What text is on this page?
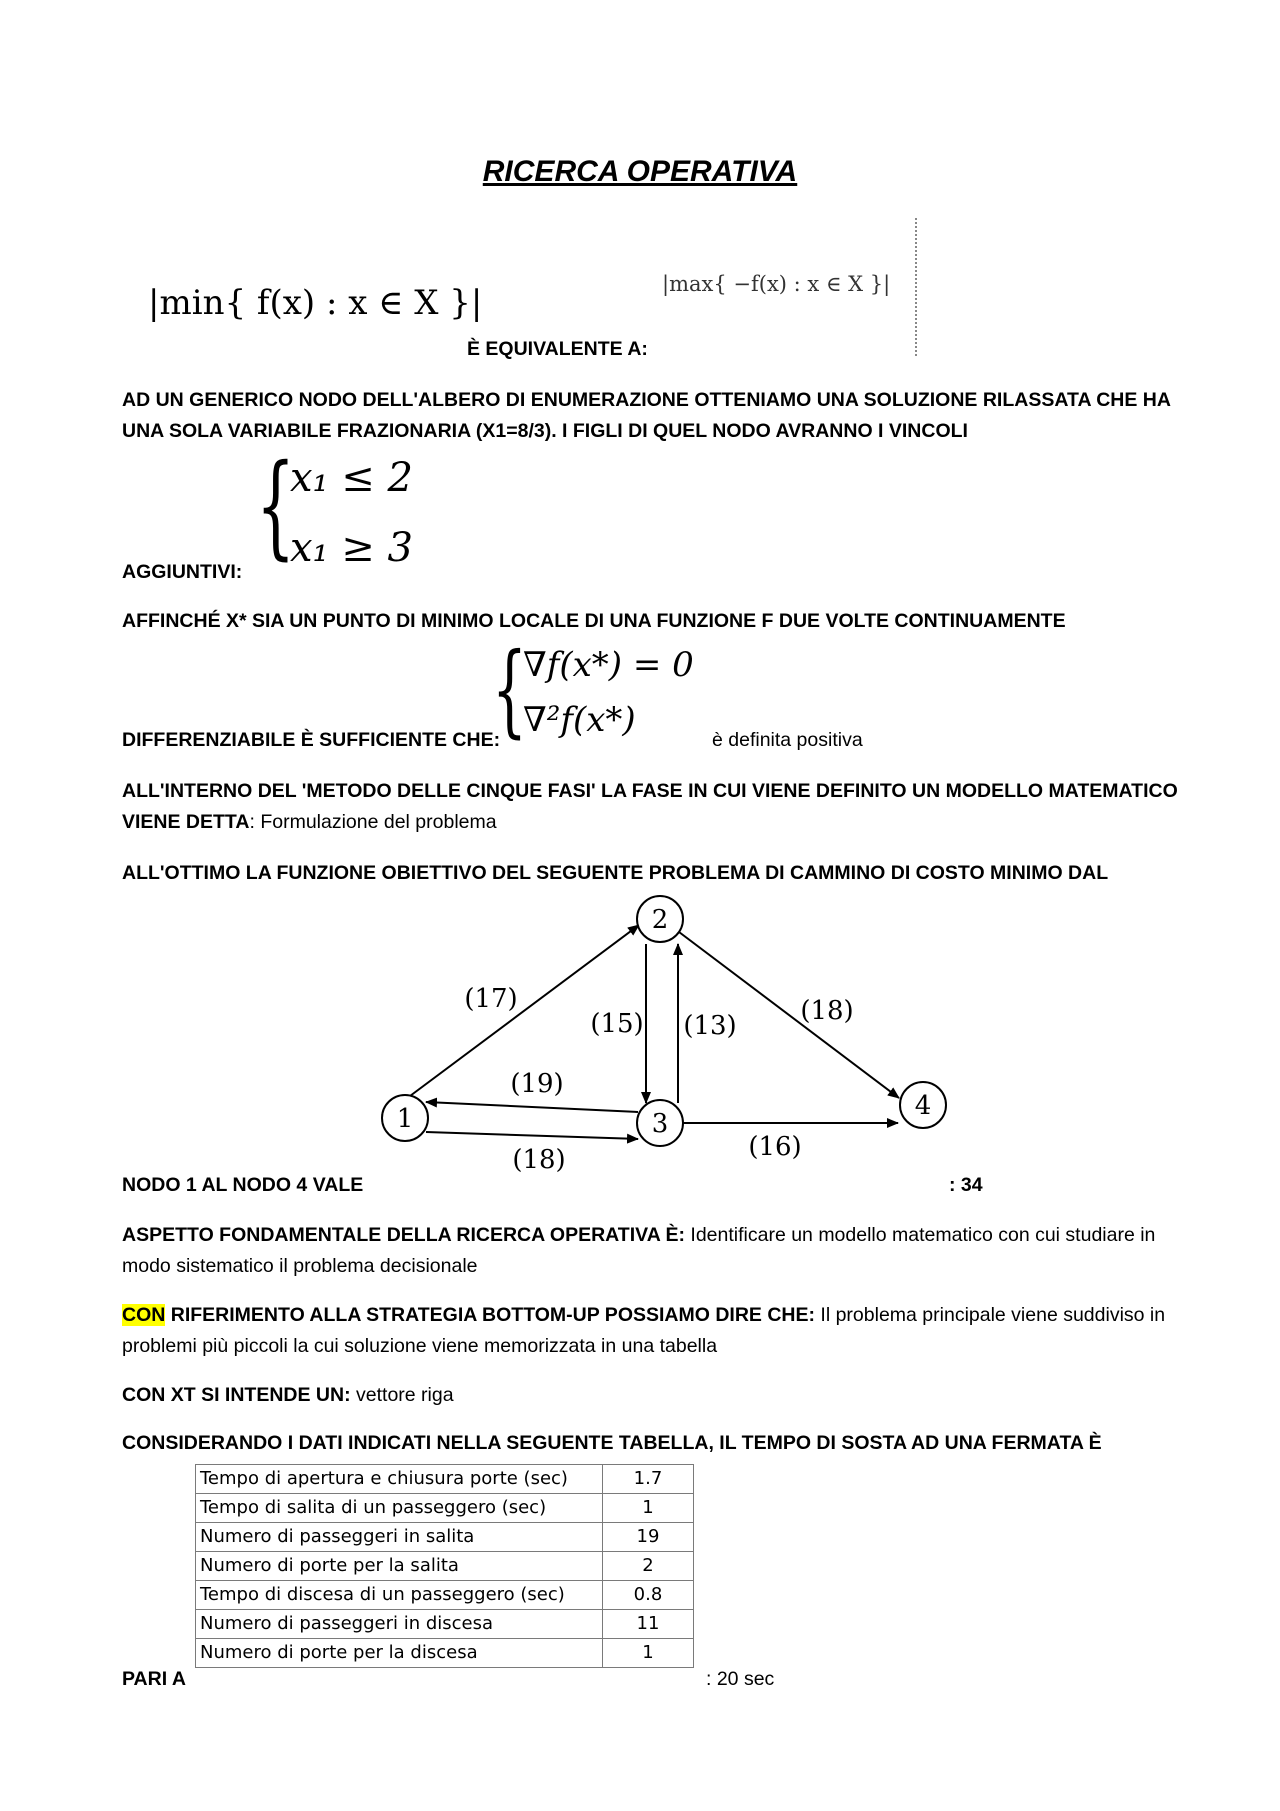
RICERCA OPERATIVA
|min{ f(x) : x ∈ X }|	|max{ −f(x) : x ∈ X }|
È EQUIVALENTE A:
AD UN GENERICO NODO DELL'ALBERO DI ENUMERAZIONE OTTENIAMO UNA SOLUZIONE RILASSATA CHE HA UNA SOLA VARIABILE FRAZIONARIA (X1=8/3). I FIGLI DI QUEL NODO AVRANNO I VINCOLI
AGGIUNTIVI:
{
x₁ ≤ 2
x₁ ≥ 3
AFFINCHÉ X* SIA UN PUNTO DI MINIMO LOCALE DI UNA FUNZIONE F DUE VOLTE CONTINUAMENTE
DIFFERENZIABILE È SUFFICIENTE CHE:
{
∇f(x*) = 0
∇²f(x*)	è definita positiva
ALL'INTERNO DEL 'METODO DELLE CINQUE FASI' LA FASE IN CUI VIENE DEFINITO UN MODELLO MATEMATICO VIENE DETTA: Formulazione del problema
ALL'OTTIMO LA FUNZIONE OBIETTIVO DEL SEGUENTE PROBLEMA DI CAMMINO DI COSTO MINIMO DAL
1
2
3
4
(17)
(15) (13) (18)
(19)
(18)	(16)
NODO 1 AL NODO 4 VALE	: 34
ASPETTO FONDAMENTALE DELLA RICERCA OPERATIVA È: Identificare un modello matematico con cui studiare in modo sistematico il problema decisionale
CON RIFERIMENTO ALLA STRATEGIA BOTTOM-UP POSSIAMO DIRE CHE: Il problema principale viene suddiviso in problemi più piccoli la cui soluzione viene memorizzata in una tabella
CON XT SI INTENDE UN: vettore riga
CONSIDERANDO I DATI INDICATI NELLA SEGUENTE TABELLA, IL TEMPO DI SOSTA AD UNA FERMATA È
Tempo di apertura e chiusura porte (sec)	1.7
Tempo di salita di un passeggero (sec)	1
Numero di passeggeri in salita	19
Numero di porte per la salita	2
Tempo di discesa di un passeggero (sec)	0.8
Numero di passeggeri in discesa	11
Numero di porte per la discesa	1
PARI A	: 20 sec
